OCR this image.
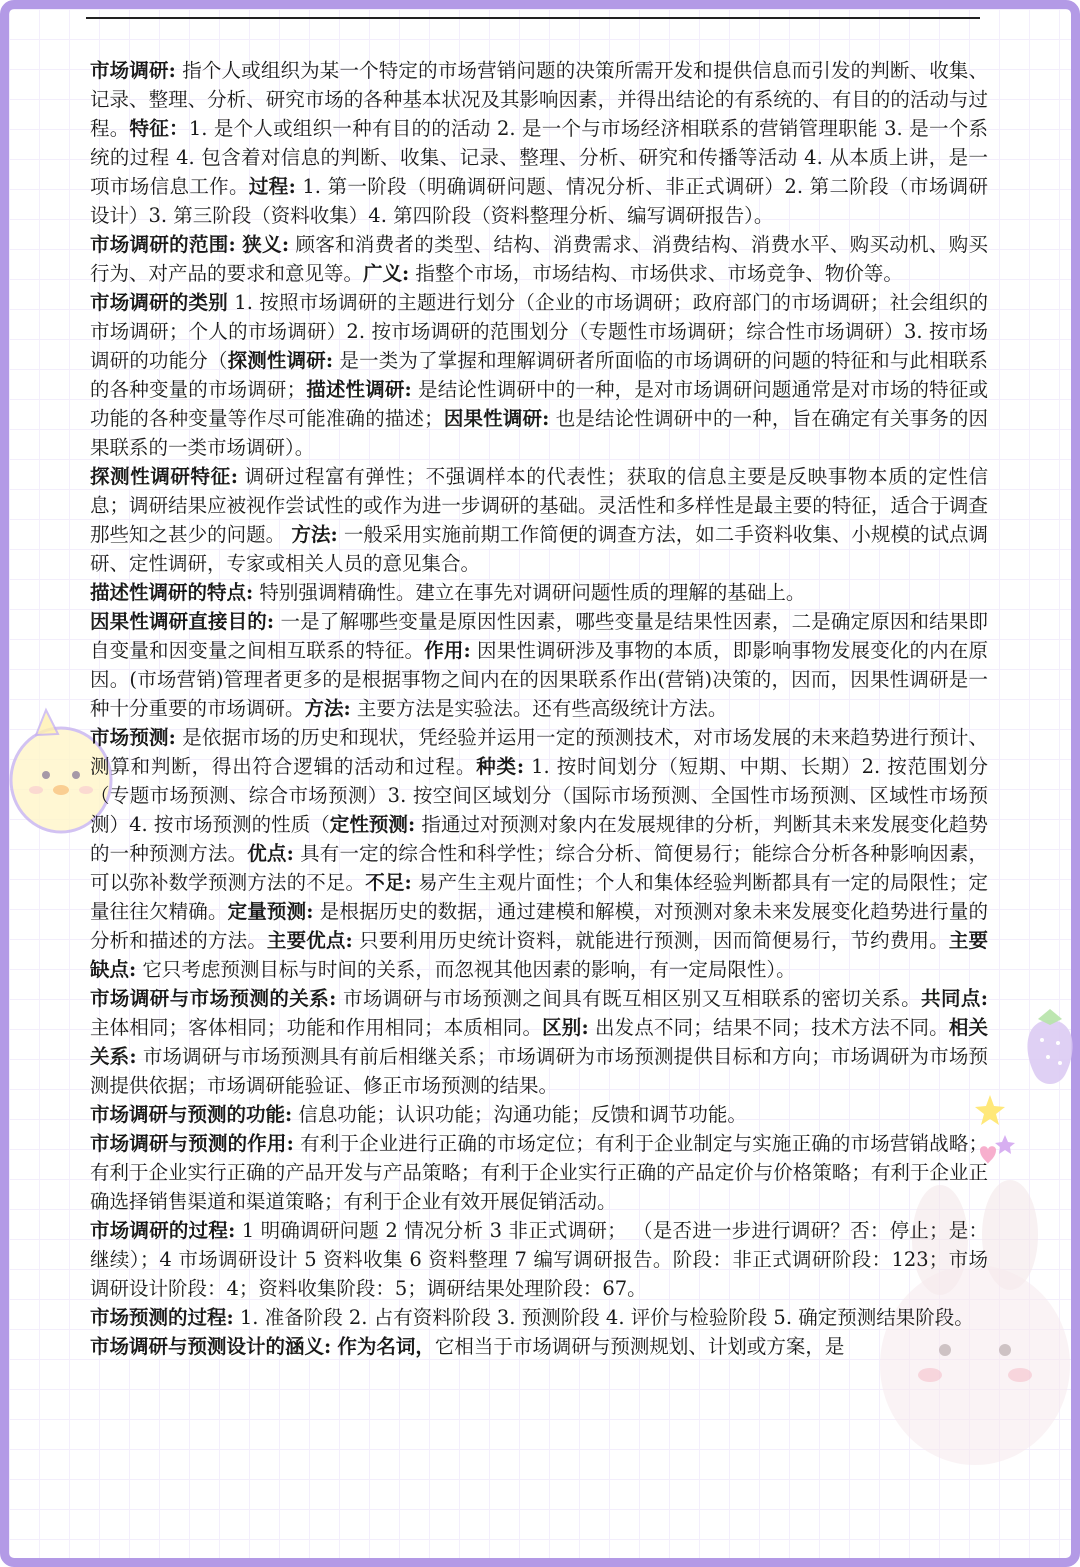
市场调研: 指个人或组织为某一个特定的市场营销问题的决策所需开发和提供信息而引发的判断、收集、记录、整理、分析、研究市场的各种基本状况及其影响因素，并得出结论的有系统的、有目的的活动与过程。特征：1. 是个人或组织一种有目的的活动 2. 是一个与市场经济相联系的营销管理职能 3. 是一个系统的过程 4. 包含着对信息的判断、收集、记录、整理、分析、研究和传播等活动 4. 从本质上讲，是一项市场信息工作。过程: 1. 第一阶段（明确调研问题、情况分析、非正式调研）2. 第二阶段（市场调研设计）3. 第三阶段（资料收集）4. 第四阶段（资料整理分析、编写调研报告）。

市场调研的范围: 狭义: 顾客和消费者的类型、结构、消费需求、消费结构、消费水平、购买动机、购买行为、对产品的要求和意见等。广义: 指整个市场，市场结构、市场供求、市场竞争、物价等。

市场调研的类别 1. 按照市场调研的主题进行划分（企业的市场调研；政府部门的市场调研；社会组织的市场调研；个人的市场调研）2. 按市场调研的范围划分（专题性市场调研；综合性市场调研）3. 按市场调研的功能分（探测性调研: 是一类为了掌握和理解调研者所面临的市场调研的问题的特征和与此相联系的各种变量的市场调研；描述性调研: 是结论性调研中的一种，是对市场调研问题通常是对市场的特征或功能的各种变量等作尽可能准确的描述；因果性调研: 也是结论性调研中的一种，旨在确定有关事务的因果联系的一类市场调研）。

探测性调研特征: 调研过程富有弹性；不强调样本的代表性；获取的信息主要是反映事物本质的定性信息；调研结果应被视作尝试性的或作为进一步调研的基础。灵活性和多样性是最主要的特征，适合于调查那些知之甚少的问题。 方法: 一般采用实施前期工作简便的调查方法，如二手资料收集、小规模的试点调研、定性调研，专家或相关人员的意见集合。

描述性调研的特点: 特别强调精确性。建立在事先对调研问题性质的理解的基础上。

因果性调研直接目的: 一是了解哪些变量是原因性因素，哪些变量是结果性因素，二是确定原因和结果即自变量和因变量之间相互联系的特征。作用: 因果性调研涉及事物的本质，即影响事物发展变化的内在原因。(市场营销)管理者更多的是根据事物之间内在的因果联系作出(营销)决策的，因而，因果性调研是一种十分重要的市场调研。方法: 主要方法是实验法。还有些高级统计方法。

市场预测: 是依据市场的历史和现状，凭经验并运用一定的预测技术，对市场发展的未来趋势进行预计、测算和判断，得出符合逻辑的活动和过程。种类: 1. 按时间划分（短期、中期、长期）2. 按范围划分（专题市场预测、综合市场预测）3. 按空间区域划分（国际市场预测、全国性市场预测、区域性市场预测）4. 按市场预测的性质（定性预测: 指通过对预测对象内在发展规律的分析，判断其未来发展变化趋势的一种预测方法。优点: 具有一定的综合性和科学性；综合分析、简便易行；能综合分析各种影响因素，可以弥补数学预测方法的不足。不足: 易产生主观片面性；个人和集体经验判断都具有一定的局限性；定量往往欠精确。定量预测: 是根据历史的数据，通过建模和解模，对预测对象未来发展变化趋势进行量的分析和描述的方法。主要优点: 只要利用历史统计资料，就能进行预测，因而简便易行，节约费用。主要缺点: 它只考虑预测目标与时间的关系，而忽视其他因素的影响，有一定局限性）。

市场调研与市场预测的关系: 市场调研与市场预测之间具有既互相区别又互相联系的密切关系。共同点: 主体相同；客体相同；功能和作用相同；本质相同。区别: 出发点不同；结果不同；技术方法不同。相关关系: 市场调研与市场预测具有前后相继关系；市场调研为市场预测提供目标和方向；市场调研为市场预测提供依据；市场调研能验证、修正市场预测的结果。

市场调研与预测的功能: 信息功能；认识功能；沟通功能；反馈和调节功能。

市场调研与预测的作用: 有利于企业进行正确的市场定位；有利于企业制定与实施正确的市场营销战略；有利于企业实行正确的产品开发与产品策略；有利于企业实行正确的产品定价与价格策略；有利于企业正确选择销售渠道和渠道策略；有利于企业有效开展促销活动。

市场调研的过程: 1 明确调研问题 2 情况分析 3 非正式调研； （是否进一步进行调研？否：停止；是：继续）；4 市场调研设计 5 资料收集 6 资料整理 7 编写调研报告。阶段：非正式调研阶段：123；市场调研设计阶段：4；资料收集阶段：5；调研结果处理阶段：67。

市场预测的过程: 1. 准备阶段 2. 占有资料阶段 3. 预测阶段 4. 评价与检验阶段 5. 确定预测结果阶段。

市场调研与预测设计的涵义: 作为名词，它相当于市场调研与预测规划、计划或方案，是
